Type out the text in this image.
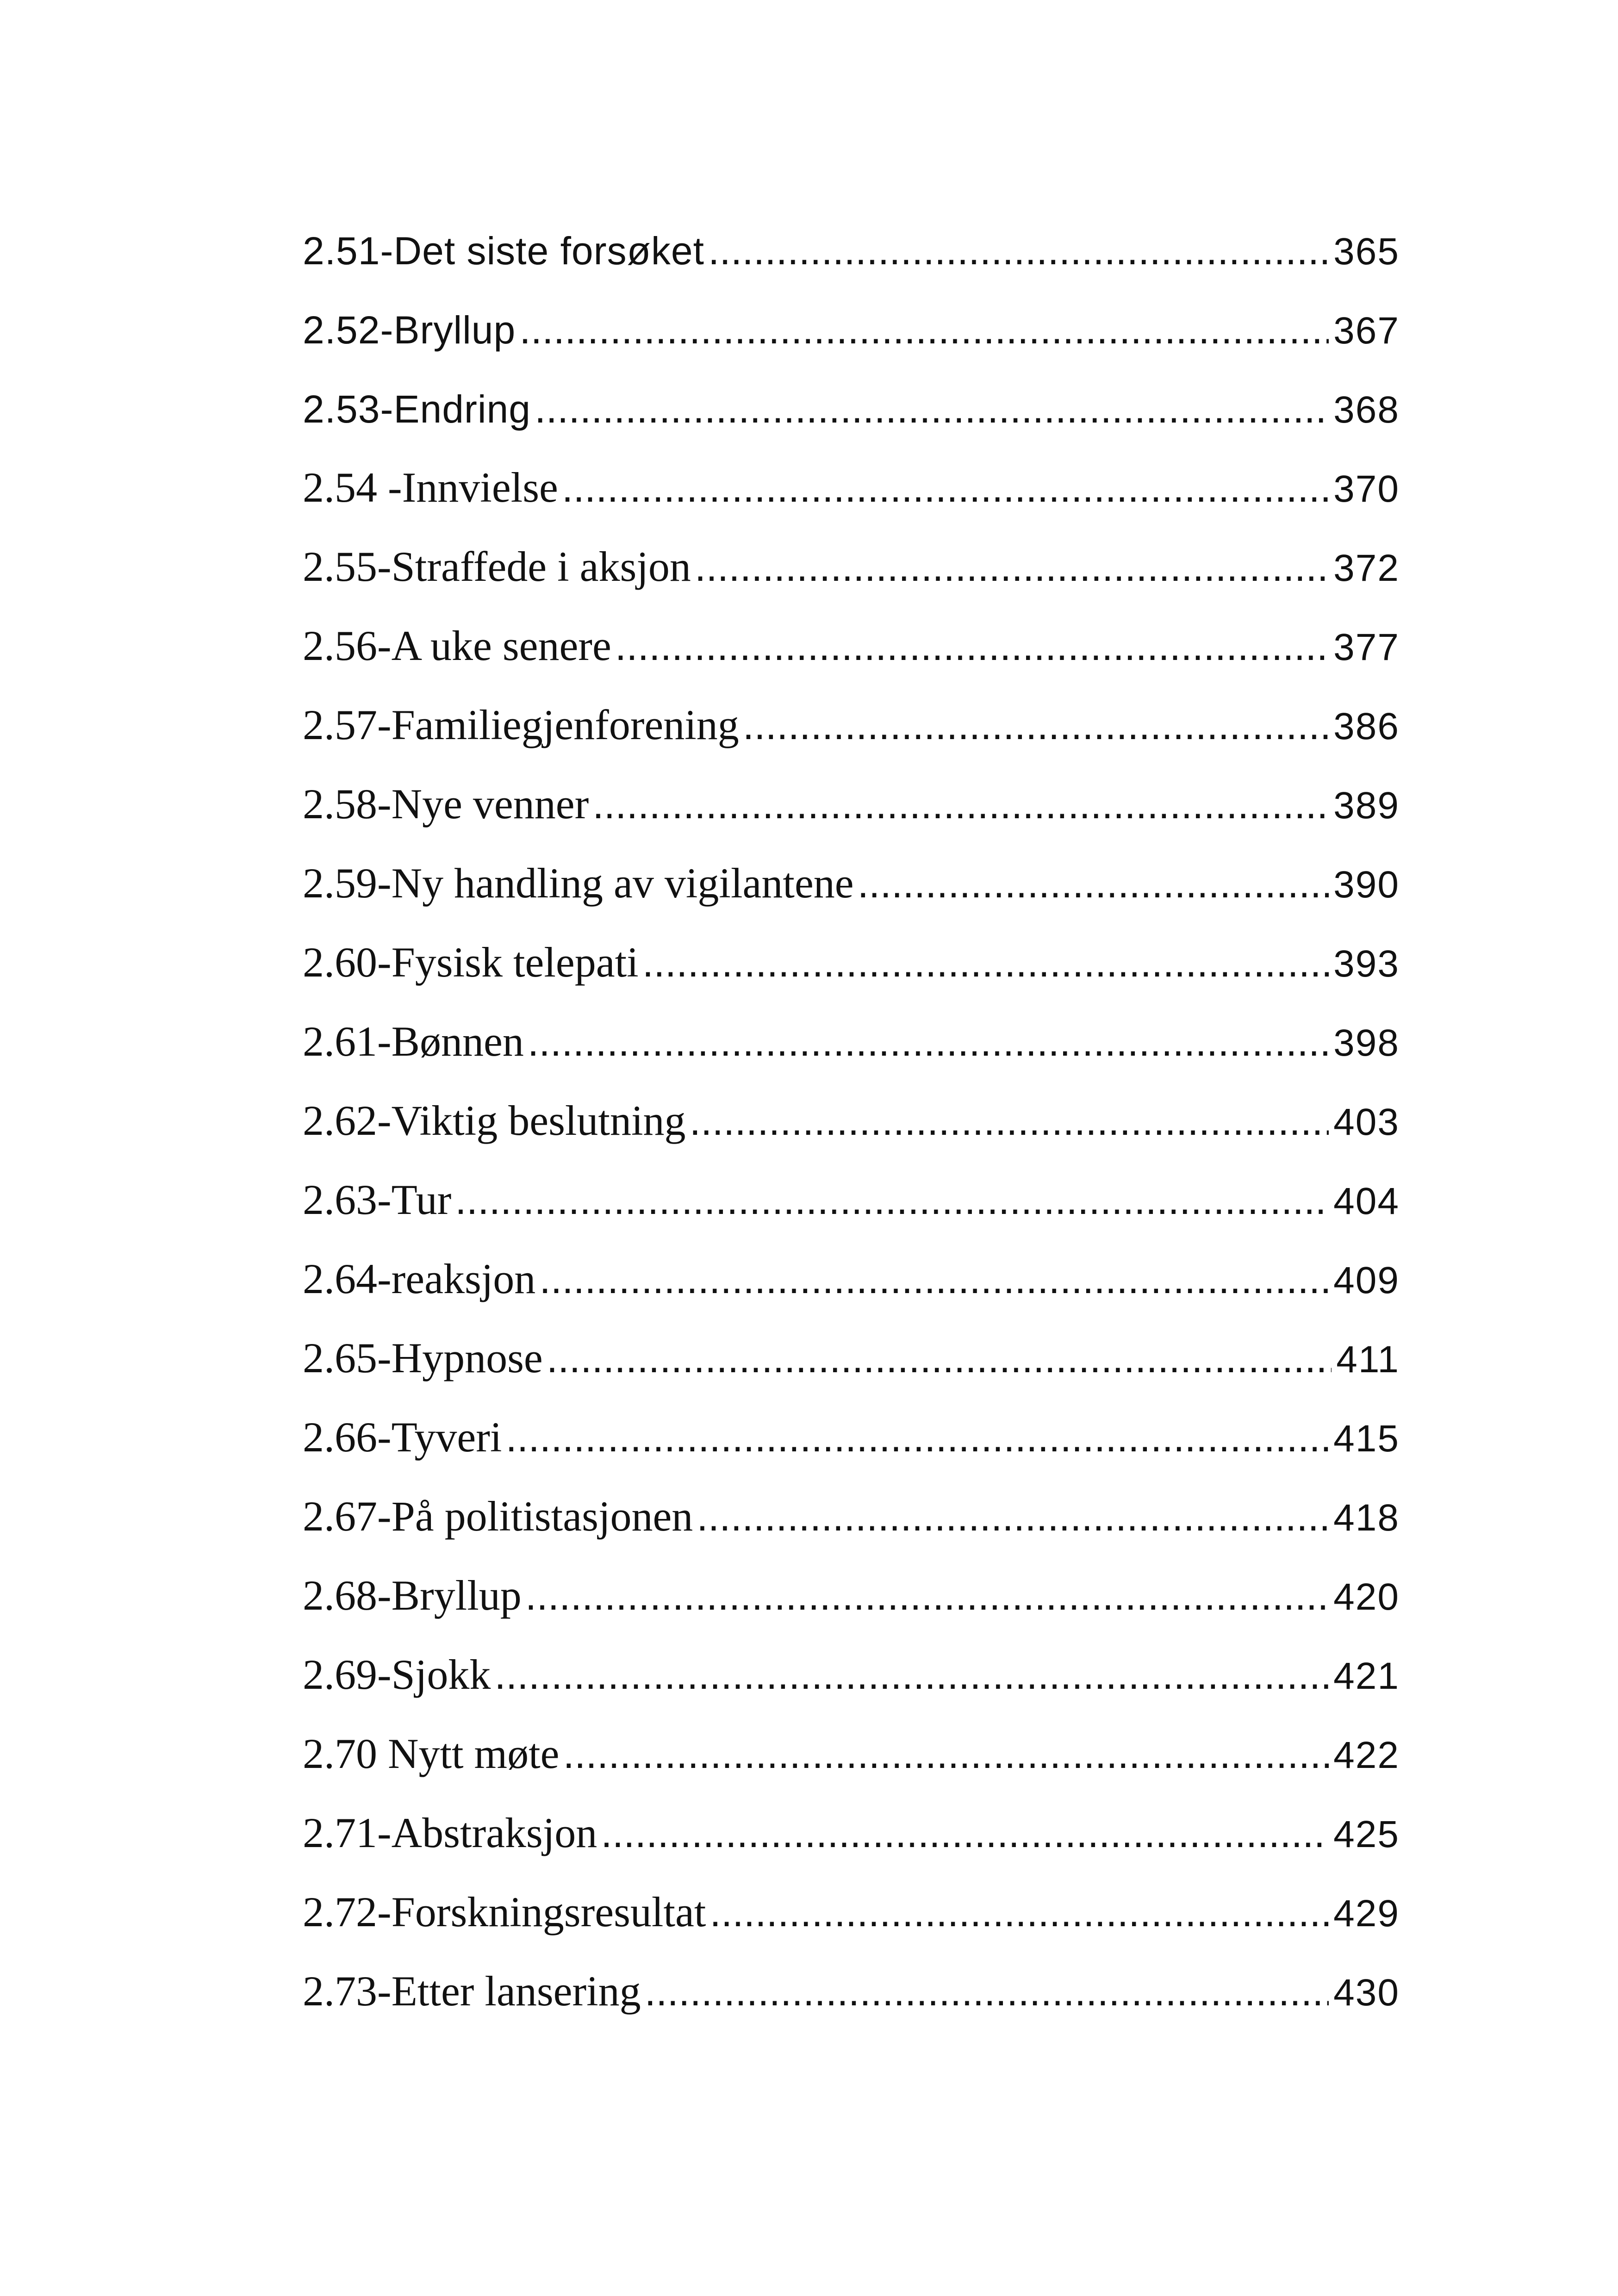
2.51-Det siste forsøket .....	365
2.52-Bryllup .....	367
2.53-Endring .....	368
2.54 -Innvielse .....	370
2.55-Straffede i aksjon .....	372
2.56-A uke senere .....	377
2.57-Familiegjenforening .....	386
2.58-Nye venner .....	389
2.59-Ny handling av vigilantene .....	390
2.60-Fysisk telepati .....	393
2.61-Bønnen .....	398
2.62-Viktig beslutning .....	403
2.63-Tur .....	404
2.64-reaksjon .....	409
2.65-Hypnose .....	411
2.66-Tyveri .....	415
2.67-På politistasjonen .....	418
2.68-Bryllup .....	420
2.69-Sjokk .....	421
2.70 Nytt møte .....	422
2.71-Abstraksjon .....	425
2.72-Forskningsresultat .....	429
2.73-Etter lansering .....	430
